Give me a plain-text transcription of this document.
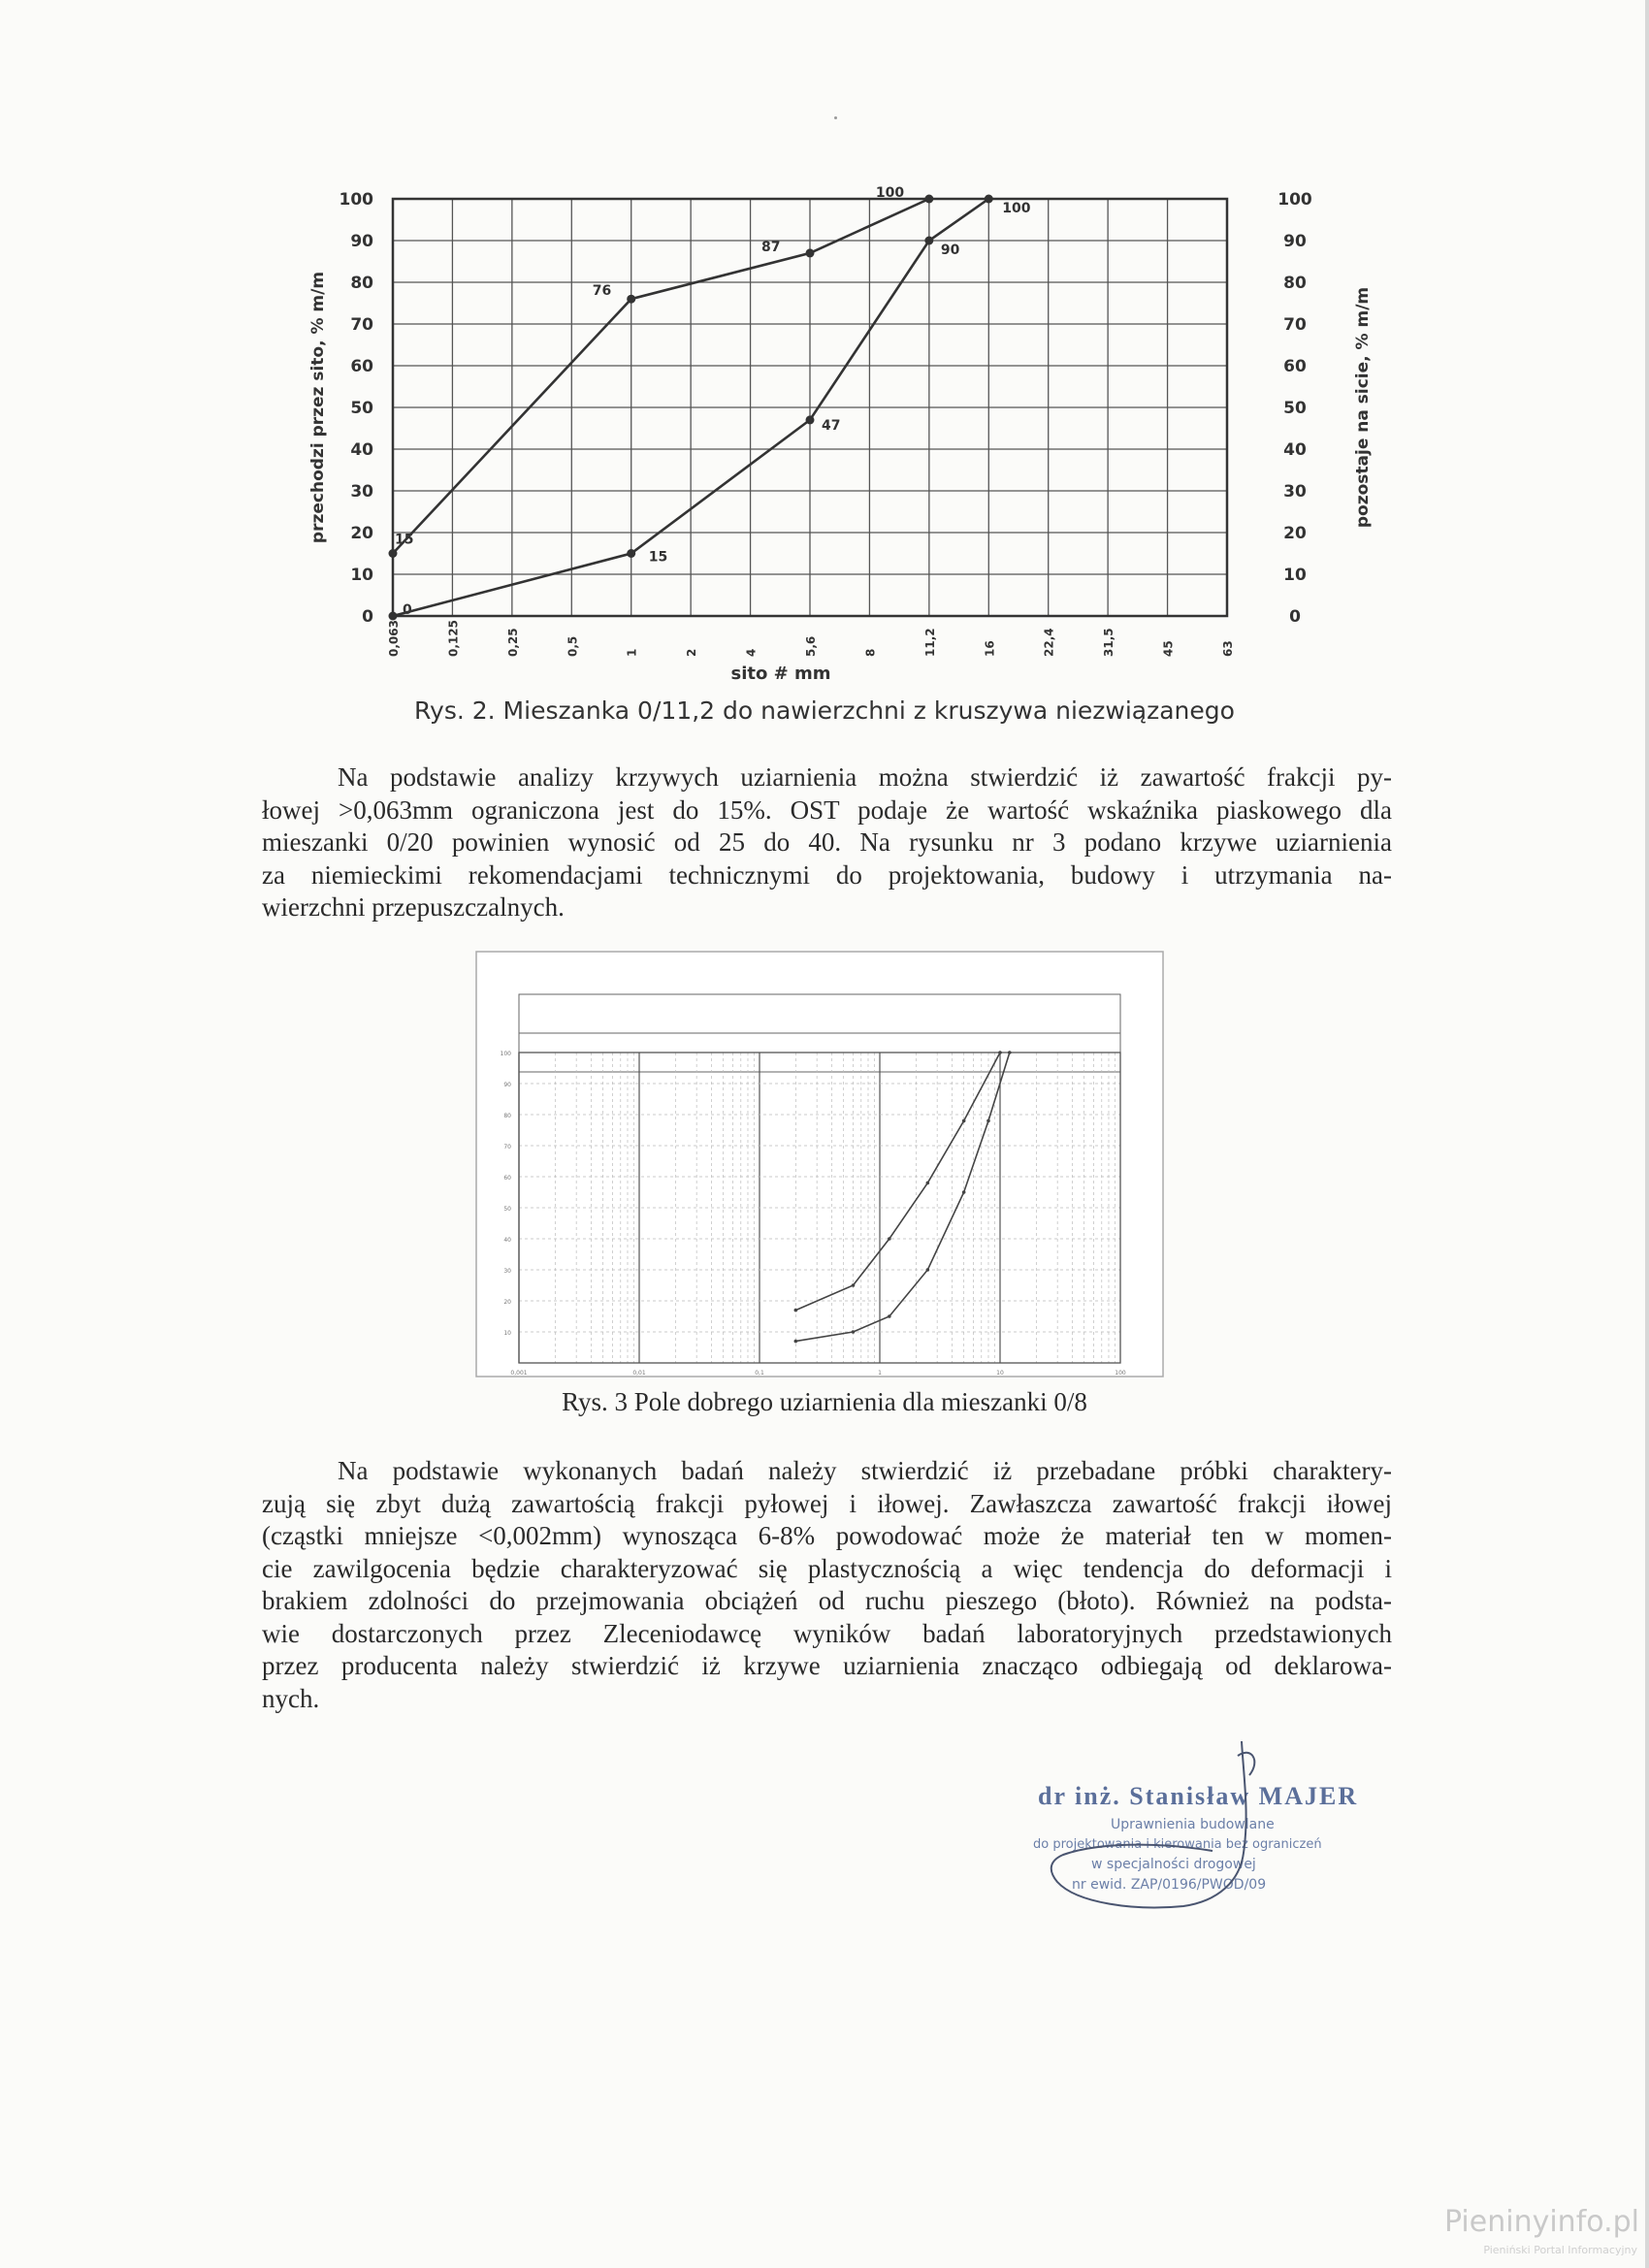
0
10
20
30
40
50
60
70
80
90
100	100
90
80
70
60
50
40
30
20
10
0
0,063	0,125	0,25	0,5	1	2	4	5,6	8	11,2	16	22,4	31,5	45	63
sito # mm
przechodzi przez sito, % m/m	pozostaje na sicie, % m/m
15
76
87
100
0
15
47
90
100
Rys. 2. Mieszanka 0/11,2 do nawierzchni z kruszywa niezwiązanego
Na podstawie analizy krzywych uziarnienia można stwierdzić iż zawartość frakcji py-
łowej >0,063mm ograniczona jest do 15%. OST podaje że wartość wskaźnika piaskowego dla
mieszanki 0/20 powinien wynosić od 25 do 40. Na rysunku nr 3 podano krzywe uziarnienia
za niemieckimi rekomendacjami technicznymi do projektowania, budowy i utrzymania na-
wierzchni przepuszczalnych.
10
20
30
40
50
60
70
80
90
100
0,001	0,01	0,1	1	10	100
Rys. 3 Pole dobrego uziarnienia dla mieszanki 0/8
Na podstawie wykonanych badań należy stwierdzić iż przebadane próbki charaktery-
zują się zbyt dużą zawartością frakcji pyłowej i iłowej. Zawłaszcza zawartość frakcji iłowej
(cząstki mniejsze <0,002mm) wynosząca 6-8% powodować może że materiał ten w momen-
cie zawilgocenia będzie charakteryzować się plastycznością a więc tendencja do deformacji i
brakiem zdolności do przejmowania obciążeń od ruchu pieszego (błoto). Również na podsta-
wie dostarczonych przez Zleceniodawcę wyników badań laboratoryjnych przedstawionych
przez producenta należy stwierdzić iż krzywe uziarnienia znacząco odbiegają od deklarowa-
nych.
dr inż. Stanisław MAJER
Uprawnienia budowlane
do projektowania i kierowania bez ograniczeń
w specjalności drogowej
nr ewid. ZAP/0196/PWOD/09
Pieninyinfo.pl
Pieniński Portal Informacyjny
